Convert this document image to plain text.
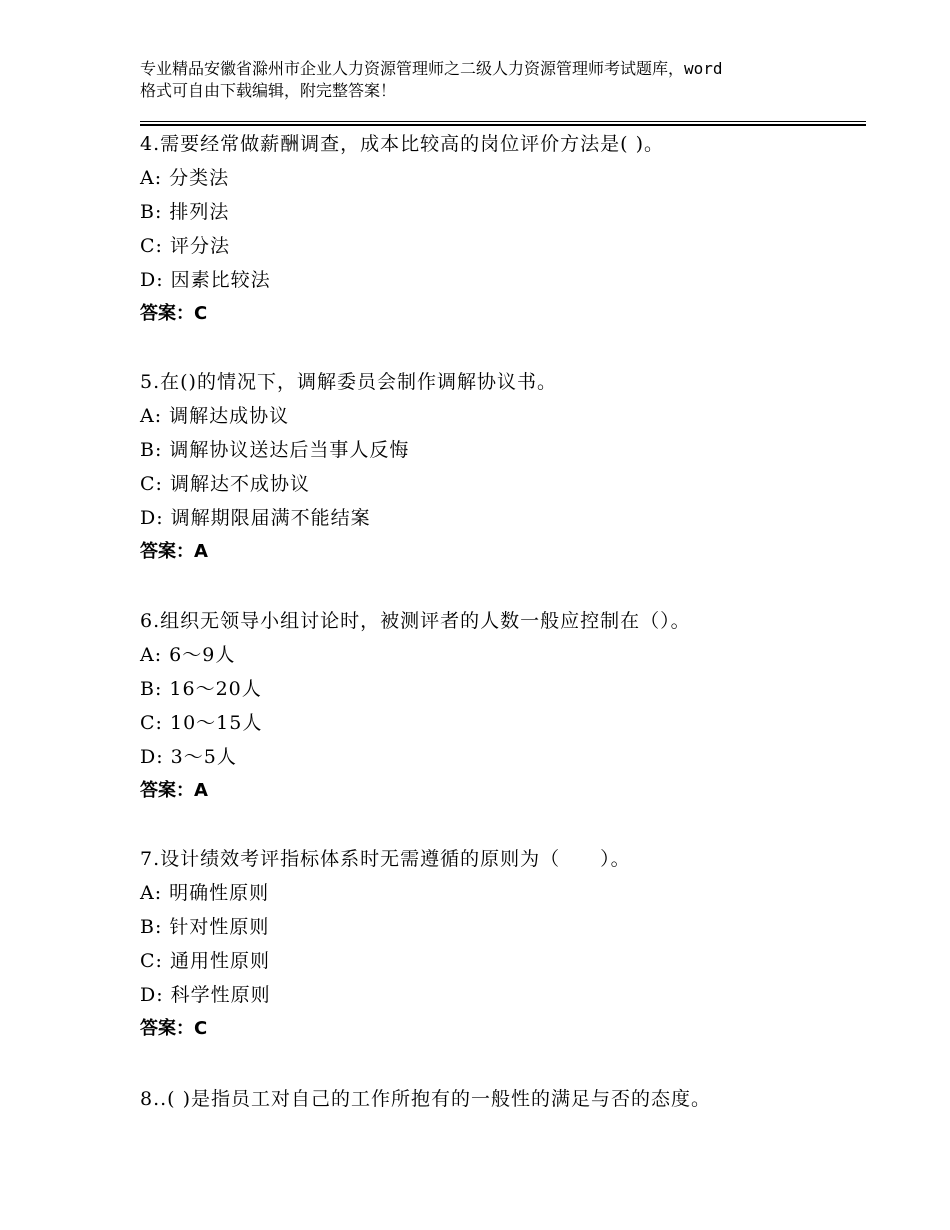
专业精品安徽省滁州市企业人力资源管理师之二级人力资源管理师考试题库，word
格式可自由下载编辑，附完整答案！
4.需要经常做薪酬调查，成本比较高的岗位评价方法是( )。
A: 分类法
B: 排列法
C: 评分法
D: 因素比较法
答案：C
5.在()的情况下，调解委员会制作调解协议书。
A: 调解达成协议
B: 调解协议送达后当事人反悔
C: 调解达不成协议
D: 调解期限届满不能结案
答案：A
6.组织无领导小组讨论时，被测评者的人数一般应控制在（）。
A: 6～9人
B: 16～20人
C: 10～15人
D: 3～5人
答案：A
7.设计绩效考评指标体系时无需遵循的原则为（　　）。
A: 明确性原则
B: 针对性原则
C: 通用性原则
D: 科学性原则
答案：C
8..( )是指员工对自己的工作所抱有的一般性的满足与否的态度。
